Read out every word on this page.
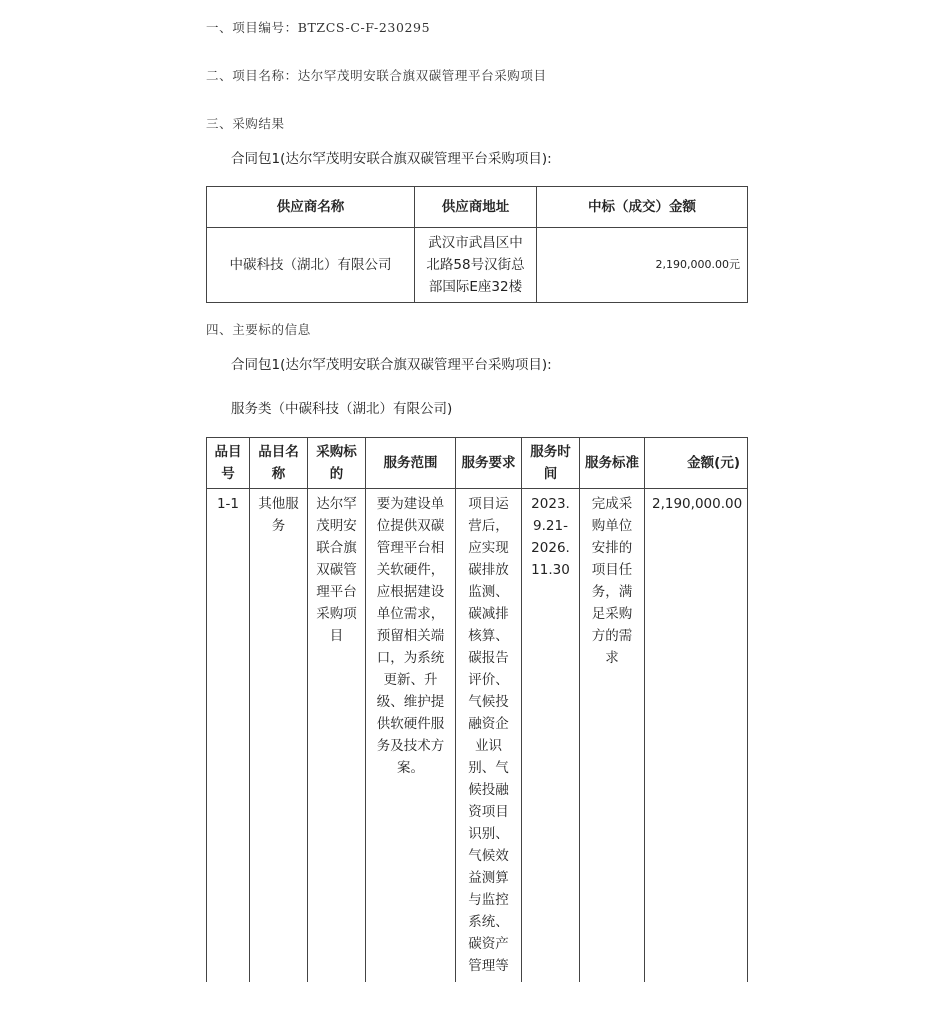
一、项目编号：BTZCS-C-F-230295
二、项目名称：达尔罕茂明安联合旗双碳管理平台采购项目
三、采购结果
合同包1(达尔罕茂明安联合旗双碳管理平台采购项目):
供应商名称	供应商地址	中标（成交）金额
中碳科技（湖北）有限公司	武汉市武昌区中北路58号汉街总部国际E座32楼	2,190,000.00元
四、主要标的信息
合同包1(达尔罕茂明安联合旗双碳管理平台采购项目):
服务类（中碳科技（湖北）有限公司)
品目号	品目名称	采购标的	服务范围	服务要求	服务时间	服务标准	金额(元)
1-1	其他服务	达尔罕茂明安联合旗双碳管理平台采购项目	要为建设单位提供双碳管理平台相关软硬件，应根据建设单位需求，预留相关端口，为系统更新、升级、维护提供软硬件服务及技术方案。	项目运营后，应实现碳排放监测、碳减排核算、碳报告评价、气候投融资企业识别、气候投融资项目识别、气候效益测算与监控系统、碳资产管理等	2023.9.21-2026.11.30	完成采购单位安排的项目任务，满足采购方的需求	2,190,000.00
